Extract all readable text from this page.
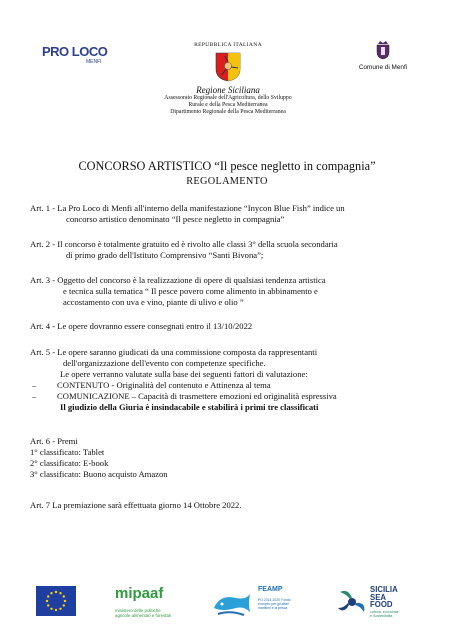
PRO LOCO
MENFI
REPUBBLICA ITALIANA
Regione Siciliana
Assessorato Regionale dell'Agricoltura, dello Sviluppo
Rurale e della Pesca Mediterranea
Dipartimento Regionale della Pesca Mediterranea
Comune di Menfi
CONCORSO ARTISTICO “Il pesce negletto in compagnia”
REGOLAMENTO
Art. 1 - La Pro Loco di Menfi all'interno della manifestazione “Inycon Blue Fish” indice un
concorso artistico denominato “Il pesce negletto in compagnia”
Art. 2 - Il concorso è totalmente gratuito ed è rivolto alle classi 3° della scuola secondaria
di primo grado dell'Istituto Comprensivo “Santi Bivona”;
Art. 3 - Oggetto del concorso è la realizzazione di opere di qualsiasi tendenza artistica
e tecnica sulla tematica “ Il pesce povero come alimento in abbinamento e
accostamento con uva e vino, piante di ulivo e olio ”
Art. 4 - Le opere dovranno essere consegnati entro il 13/10/2022
Art. 5 - Le opere saranno giudicati da una commissione composta da rappresentanti
dell'organizzazione dell'evento con competenze specifiche.
Le opere verranno valutate sulla base dei seguenti fattori di valutazione:
– CONTENUTO - Originalità del contenuto e Attinenza al tema
– COMUNICAZIONE – Capacità di trasmettere emozioni ed originalità espressiva
Il giudizio della Giuria è insindacabile e stabilirà i primi tre classificati
Art. 6 - Premi
1° classificato: Tablet
2° classificato: E-book
3° classificato: Buono acquisto Amazon
Art. 7 La premiazione sarà effettuata giorno 14 Ottobre 2022.
mipaaf
ministero delle politiche
agricole alimentari e forestali
FEAMP
PO 2014-2020 Fondo europeo per gli affari marittimi e la pesca
SICILIA
SEA
FOOD
cultura, economia
e Sostenibilità
